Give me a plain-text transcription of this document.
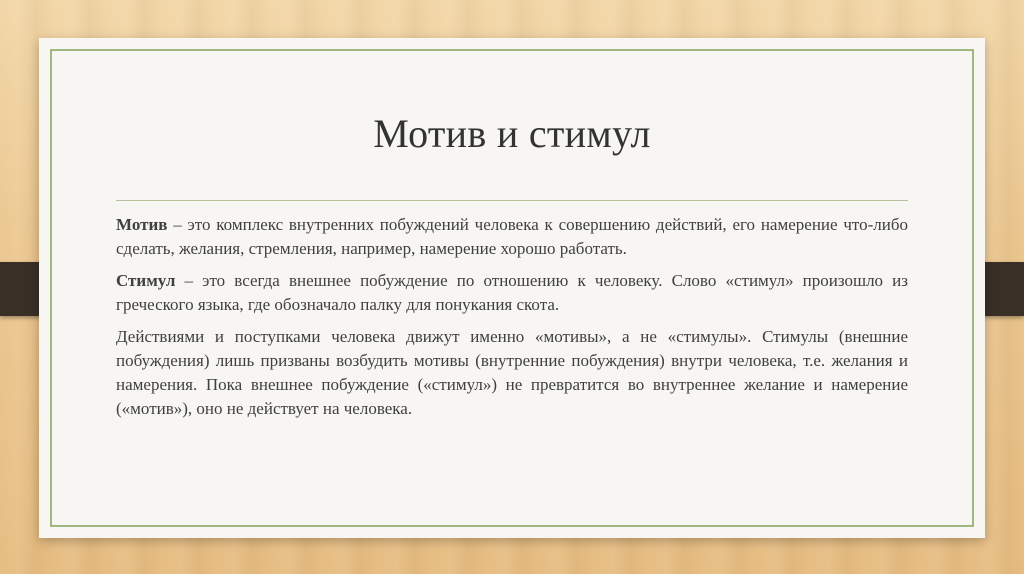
Мотив и стимул

Мотив – это комплекс внутренних побуждений человека к совершению действий, его намерение что-либо сделать, желания, стремления, например, намерение хорошо работать.

Стимул – это всегда внешнее побуждение по отношению к человеку. Слово «стимул» произошло из греческого языка, где обозначало палку для понукания скота.

Действиями и поступками человека движут именно «мотивы», а не «стимулы». Стимулы (внешние побуждения) лишь призваны возбудить мотивы (внутренние побуждения) внутри человека, т.е. желания и намерения. Пока внешнее побуждение («стимул») не превратится во внутреннее желание и намерение («мотив»), оно не действует на человека.
